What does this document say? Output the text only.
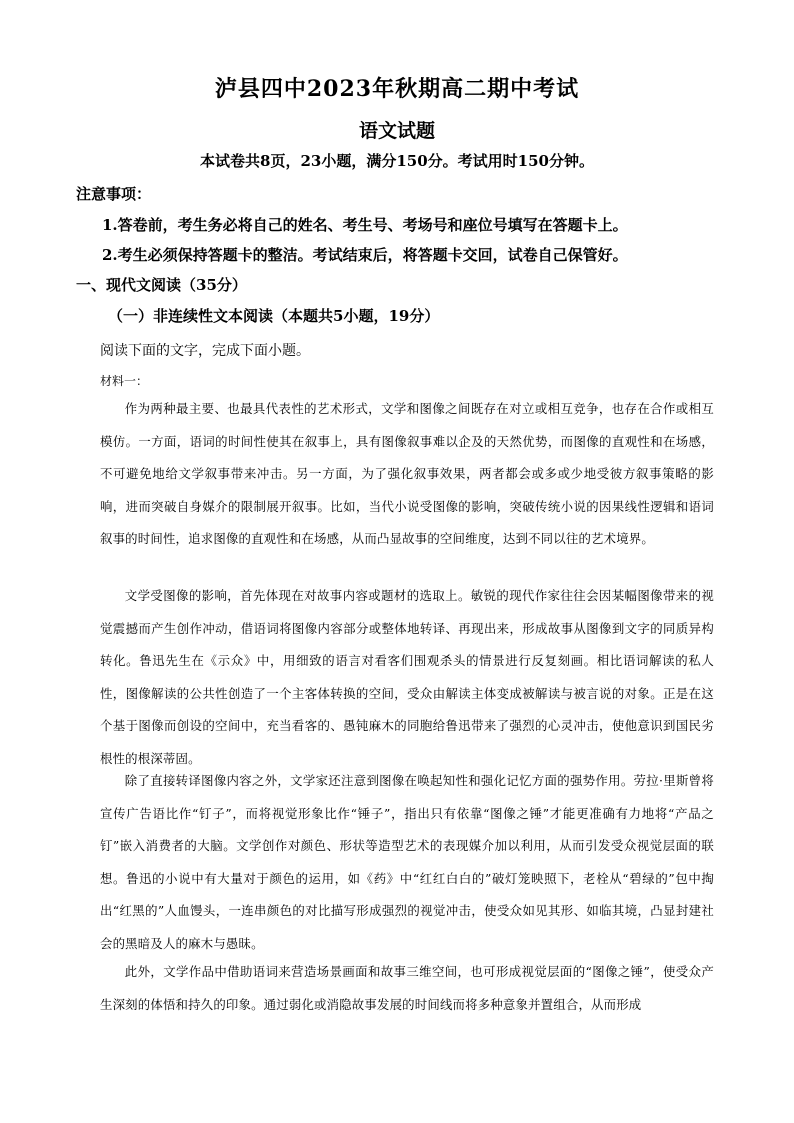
泸县四中2023年秋期高二期中考试
语文试题
本试卷共8页，23小题，满分150分。考试用时150分钟。
注意事项：
1.答卷前，考生务必将自己的姓名、考生号、考场号和座位号填写在答题卡上。
2.考生必须保持答题卡的整洁。考试结束后，将答题卡交回，试卷自己保管好。
一、现代文阅读（35分）
（一）非连续性文本阅读（本题共5小题，19分）
阅读下面的文字，完成下面小题。
材料一：
作为两种最主要、也最具代表性的艺术形式，文学和图像之间既存在对立或相互竞争，也存在合作或相互模仿。一方面，语词的时间性使其在叙事上，具有图像叙事难以企及的天然优势，而图像的直观性和在场感，不可避免地给文学叙事带来冲击。另一方面，为了强化叙事效果，两者都会或多或少地受彼方叙事策略的影响，进而突破自身媒介的限制展开叙事。比如，当代小说受图像的影响，突破传统小说的因果线性逻辑和语词叙事的时间性，追求图像的直观性和在场感，从而凸显故事的空间维度，达到不同以往的艺术境界。
文学受图像的影响，首先体现在对故事内容或题材的选取上。敏锐的现代作家往往会因某幅图像带来的视觉震撼而产生创作冲动，借语词将图像内容部分或整体地转译、再现出来，形成故事从图像到文字的同质异构转化。鲁迅先生在《示众》中，用细致的语言对看客们围观杀头的情景进行反复刻画。相比语词解读的私人性，图像解读的公共性创造了一个主客体转换的空间，受众由解读主体变成被解读与被言说的对象。正是在这个基于图像而创设的空间中，充当看客的、愚钝麻木的同胞给鲁迅带来了强烈的心灵冲击，使他意识到国民劣根性的根深蒂固。
除了直接转译图像内容之外，文学家还注意到图像在唤起知性和强化记忆方面的强势作用。劳拉·里斯曾将宣传广告语比作“钉子”，而将视觉形象比作“锤子”，指出只有依靠“图像之锤”才能更准确有力地将“产品之钉”嵌入消费者的大脑。文学创作对颜色、形状等造型艺术的表现媒介加以利用，从而引发受众视觉层面的联想。鲁迅的小说中有大量对于颜色的运用，如《药》中“红红白白的”破灯笼映照下，老栓从“碧绿的”包中掏出“红黑的”人血馒头，一连串颜色的对比描写形成强烈的视觉冲击，使受众如见其形、如临其境，凸显封建社会的黑暗及人的麻木与愚昧。
此外，文学作品中借助语词来营造场景画面和故事三维空间，也可形成视觉层面的“图像之锤”，使受众产生深刻的体悟和持久的印象。通过弱化或消隐故事发展的时间线而将多种意象并置组合，从而形成
